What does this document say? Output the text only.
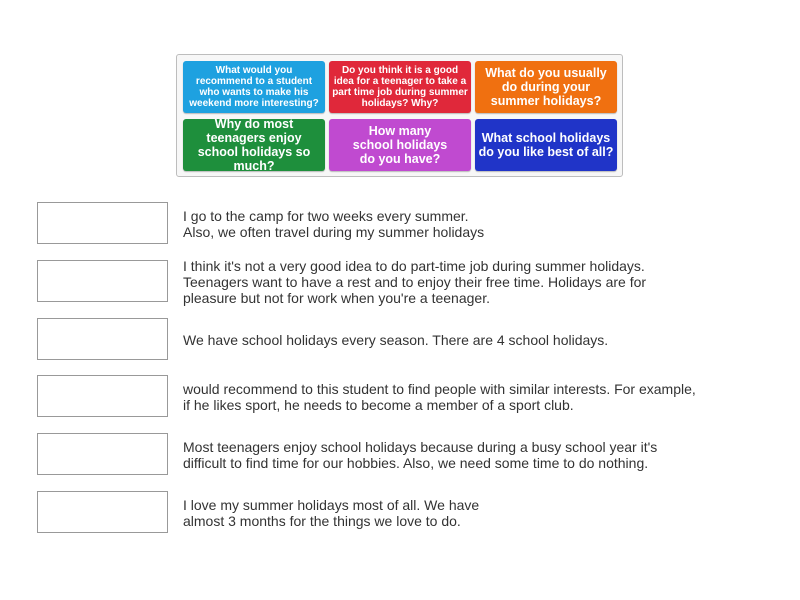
What would you recommend to a student who wants to make his weekend more interesting?
Do you think it is a good idea for a teenager to take a part time job during summer holidays? Why?
What do you usually do during your summer holidays?
Why do most teenagers enjoy school holidays so much?
How many
school holidays
do you have?
What school holidays do you like best of all?
I go to the camp for two weeks every summer.
Also, we often travel during my summer holidays
I think it's not a very good idea to do part-time job during summer holidays. Teenagers want to have a rest and to enjoy their free time. Holidays are for pleasure but not for work when you're a teenager.
We have school holidays every season. There are 4 school holidays.
would recommend to this student to find people with similar interests. For example, if he likes sport, he needs to become a member of a sport club.
Most teenagers enjoy school holidays because during a busy school year it's difficult to find time for our hobbies. Also, we need some time to do nothing.
I love my summer holidays most of all. We have
almost 3 months for the things we love to do.
